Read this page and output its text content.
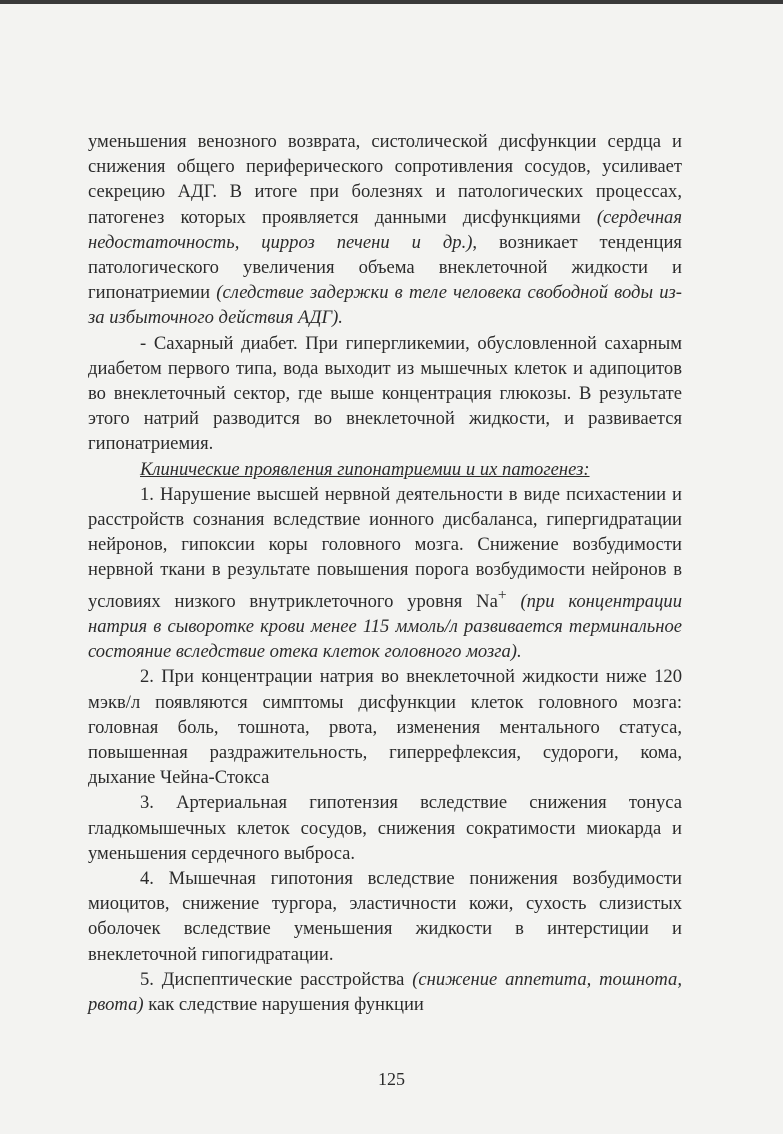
уменьшения венозного возврата, систолической дисфункции сердца и снижения общего периферического сопротивления сосудов, усиливает секрецию АДГ. В итоге при болезнях и патологических процессах, патогенез которых проявляется данными дисфункциями (сердечная недостаточность, цирроз печени и др.), возникает тенденция патологического увеличения объема внеклеточной жидкости и гипонатриемии (следствие задержки в теле человека свободной воды из-за избыточного действия АДГ).

- Сахарный диабет. При гипергликемии, обусловленной сахарным диабетом первого типа, вода выходит из мышечных клеток и адипоцитов во внеклеточный сектор, где выше концентрация глюкозы. В результате этого натрий разводится во внеклеточной жидкости, и развивается гипонатриемия.

Клинические проявления гипонатриемии и их патогенез:

1. Нарушение высшей нервной деятельности в виде психастении и расстройств сознания вследствие ионного дисбаланса, гипергидратации нейронов, гипоксии коры головного мозга. Снижение возбудимости нервной ткани в результате повышения порога возбудимости нейронов в условиях низкого внутриклеточного уровня Na+ (при концентрации натрия в сыворотке крови менее 115 ммоль/л развивается терминальное состояние вследствие отека клеток головного мозга).

2. При концентрации натрия во внеклеточной жидкости ниже 120 мэкв/л появляются симптомы дисфункции клеток головного мозга: головная боль, тошнота, рвота, изменения ментального статуса, повышенная раздражительность, гиперрефлексия, судороги, кома, дыхание Чейна-Стокса

3. Артериальная гипотензия вследствие снижения тонуса гладкомышечных клеток сосудов, снижения сократимости миокарда и уменьшения сердечного выброса.

4. Мышечная гипотония вследствие понижения возбудимости миоцитов, снижение тургора, эластичности кожи, сухость слизистых оболочек вследствие уменьшения жидкости в интерстиции и внеклеточной гипогидратации.

5. Диспептические расстройства (снижение аппетита, тошнота, рвота) как следствие нарушения функции

125
